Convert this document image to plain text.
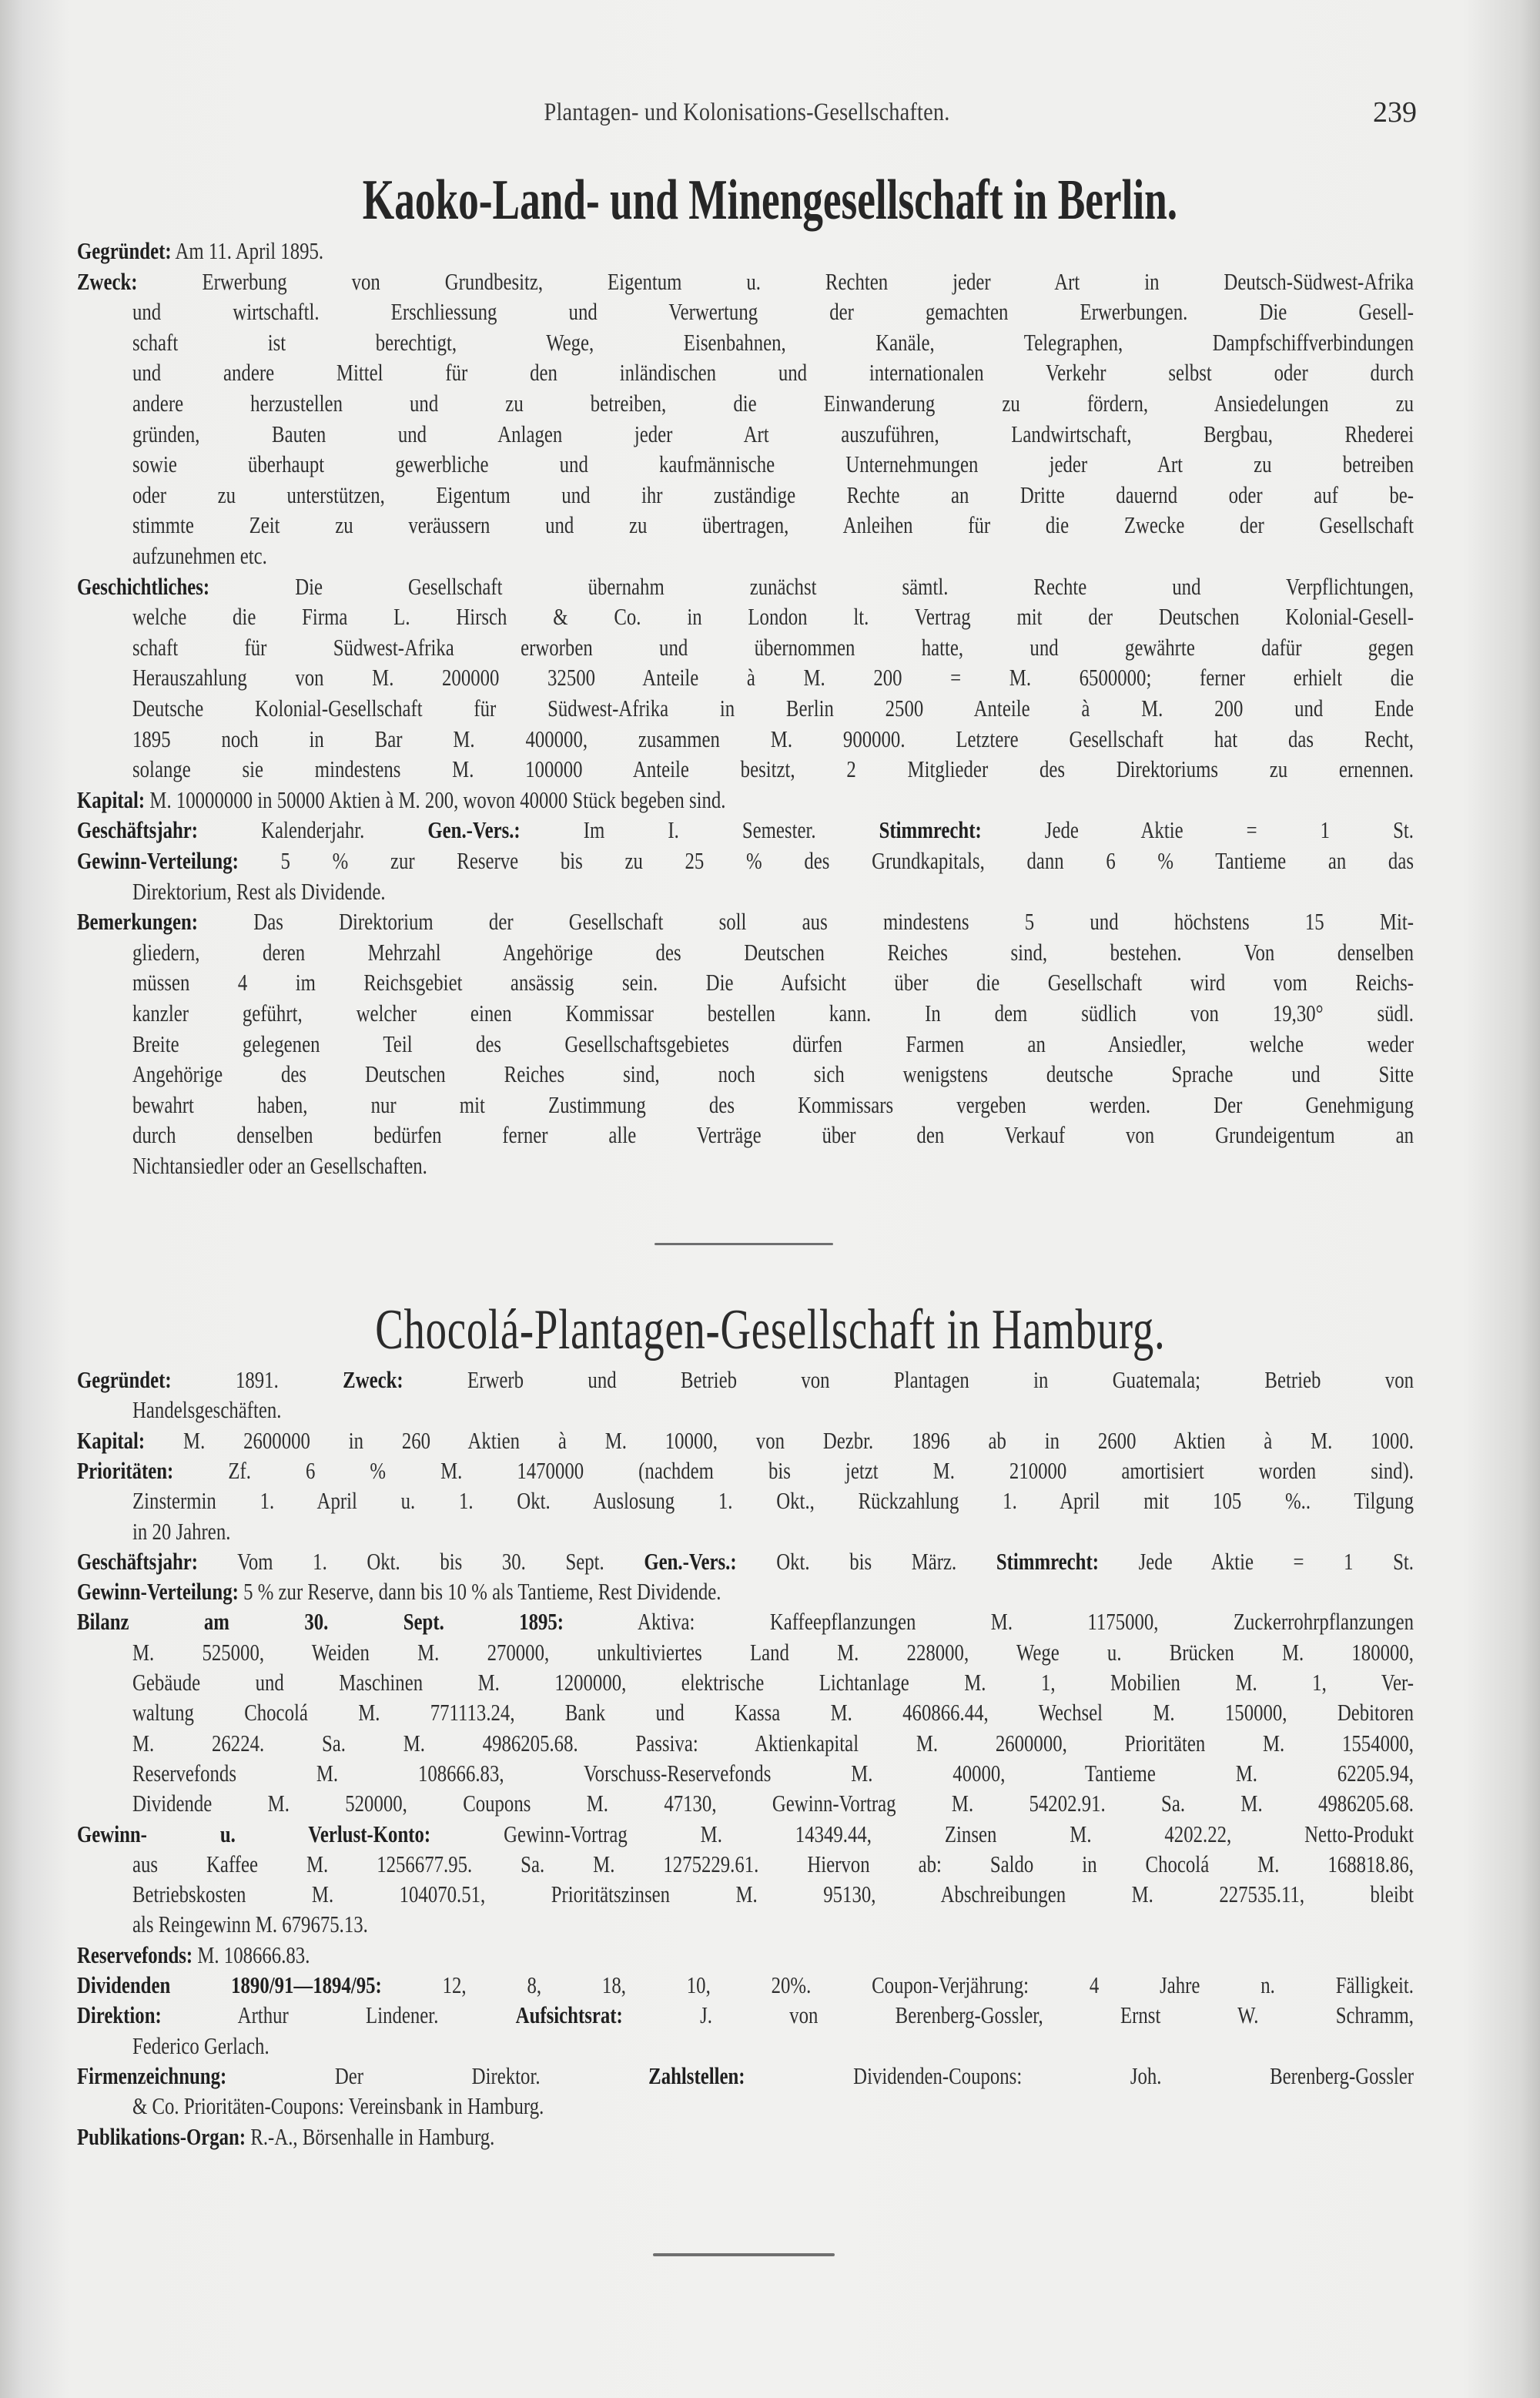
Plantagen- und Kolonisations-Gesellschaften.	239
Kaoko-Land- und Minengesellschaft in Berlin.
Gegründet: Am 11. April 1895.
Zweck: Erwerbung von Grundbesitz, Eigentum u. Rechten jeder Art in Deutsch-Südwest-Afrika
und wirtschaftl. Erschliessung und Verwertung der gemachten Erwerbungen. Die Gesell-
schaft ist berechtigt, Wege, Eisenbahnen, Kanäle, Telegraphen, Dampfschiffverbindungen
und andere Mittel für den inländischen und internationalen Verkehr selbst oder durch
andere herzustellen und zu betreiben, die Einwanderung zu fördern, Ansiedelungen zu
gründen, Bauten und Anlagen jeder Art auszuführen, Landwirtschaft, Bergbau, Rhederei
sowie überhaupt gewerbliche und kaufmännische Unternehmungen jeder Art zu betreiben
oder zu unterstützen, Eigentum und ihr zuständige Rechte an Dritte dauernd oder auf be-
stimmte Zeit zu veräussern und zu übertragen, Anleihen für die Zwecke der Gesellschaft
aufzunehmen etc.
Geschichtliches: Die Gesellschaft übernahm zunächst sämtl. Rechte und Verpflichtungen,
welche die Firma L. Hirsch & Co. in London lt. Vertrag mit der Deutschen Kolonial-Gesell-
schaft für Südwest-Afrika erworben und übernommen hatte, und gewährte dafür gegen
Herauszahlung von M. 200000 32500 Anteile à M. 200 = M. 6500000; ferner erhielt die
Deutsche Kolonial-Gesellschaft für Südwest-Afrika in Berlin 2500 Anteile à M. 200 und Ende
1895 noch in Bar M. 400000, zusammen M. 900000. Letztere Gesellschaft hat das Recht,
solange sie mindestens M. 100000 Anteile besitzt, 2 Mitglieder des Direktoriums zu ernennen.
Kapital: M. 10000000 in 50000 Aktien à M. 200, wovon 40000 Stück begeben sind.
Geschäftsjahr: Kalenderjahr. Gen.-Vers.: Im I. Semester. Stimmrecht: Jede Aktie = 1 St.
Gewinn-Verteilung: 5 % zur Reserve bis zu 25 % des Grundkapitals, dann 6 % Tantieme an das
Direktorium, Rest als Dividende.
Bemerkungen: Das Direktorium der Gesellschaft soll aus mindestens 5 und höchstens 15 Mit-
gliedern, deren Mehrzahl Angehörige des Deutschen Reiches sind, bestehen. Von denselben
müssen 4 im Reichsgebiet ansässig sein. Die Aufsicht über die Gesellschaft wird vom Reichs-
kanzler geführt, welcher einen Kommissar bestellen kann. In dem südlich von 19,30° südl.
Breite gelegenen Teil des Gesellschaftsgebietes dürfen Farmen an Ansiedler, welche weder
Angehörige des Deutschen Reiches sind, noch sich wenigstens deutsche Sprache und Sitte
bewahrt haben, nur mit Zustimmung des Kommissars vergeben werden. Der Genehmigung
durch denselben bedürfen ferner alle Verträge über den Verkauf von Grundeigentum an
Nichtansiedler oder an Gesellschaften.
Chocolá-Plantagen-Gesellschaft in Hamburg.
Gegründet: 1891. Zweck: Erwerb und Betrieb von Plantagen in Guatemala; Betrieb von
Handelsgeschäften.
Kapital: M. 2600000 in 260 Aktien à M. 10000, von Dezbr. 1896 ab in 2600 Aktien à M. 1000.
Prioritäten: Zf. 6 % M. 1470000 (nachdem bis jetzt M. 210000 amortisiert worden sind).
Zinstermin 1. April u. 1. Okt. Auslosung 1. Okt., Rückzahlung 1. April mit 105 %.. Tilgung
in 20 Jahren.
Geschäftsjahr: Vom 1. Okt. bis 30. Sept. Gen.-Vers.: Okt. bis März. Stimmrecht: Jede Aktie = 1 St.
Gewinn-Verteilung: 5 % zur Reserve, dann bis 10 % als Tantieme, Rest Dividende.
Bilanz am 30. Sept. 1895: Aktiva: Kaffeepflanzungen M. 1175000, Zuckerrohrpflanzungen
M. 525000, Weiden M. 270000, unkultiviertes Land M. 228000, Wege u. Brücken M. 180000,
Gebäude und Maschinen M. 1200000, elektrische Lichtanlage M. 1, Mobilien M. 1, Ver-
waltung Chocolá M. 771113.24, Bank und Kassa M. 460866.44, Wechsel M. 150000, Debitoren
M. 26224. Sa. M. 4986205.68. Passiva: Aktienkapital M. 2600000, Prioritäten M. 1554000,
Reservefonds M. 108666.83, Vorschuss-Reservefonds M. 40000, Tantieme M. 62205.94,
Dividende M. 520000, Coupons M. 47130, Gewinn-Vortrag M. 54202.91. Sa. M. 4986205.68.
Gewinn- u. Verlust-Konto: Gewinn-Vortrag M. 14349.44, Zinsen M. 4202.22, Netto-Produkt
aus Kaffee M. 1256677.95. Sa. M. 1275229.61. Hiervon ab: Saldo in Chocolá M. 168818.86,
Betriebskosten M. 104070.51, Prioritätszinsen M. 95130, Abschreibungen M. 227535.11, bleibt
als Reingewinn M. 679675.13.
Reservefonds: M. 108666.83.
Dividenden 1890/91—1894/95: 12, 8, 18, 10, 20%. Coupon-Verjährung: 4 Jahre n. Fälligkeit.
Direktion: Arthur Lindener. Aufsichtsrat: J. von Berenberg-Gossler, Ernst W. Schramm,
Federico Gerlach.
Firmenzeichnung: Der Direktor. Zahlstellen: Dividenden-Coupons: Joh. Berenberg-Gossler
& Co. Prioritäten-Coupons: Vereinsbank in Hamburg.
Publikations-Organ: R.-A., Börsenhalle in Hamburg.
